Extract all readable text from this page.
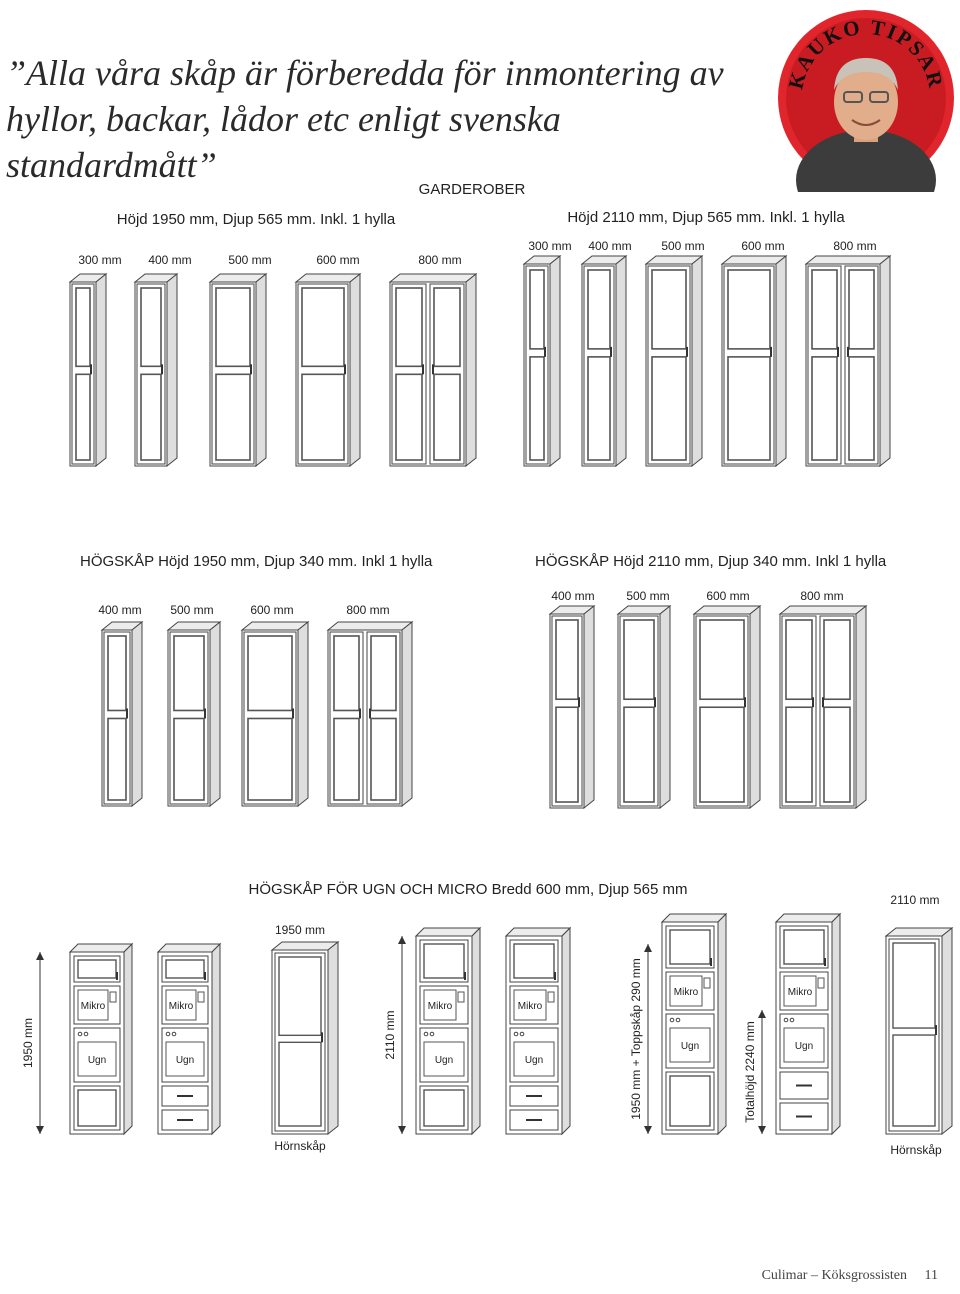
”Alla våra skåp är förberedda för inmontering av
hyllor, backar, lådor etc enligt svenska standardmått”
KAUKO TIPSAR
GARDEROBER
Höjd 1950 mm, Djup 565 mm. Inkl. 1 hylla	Höjd 2110 mm, Djup 565 mm. Inkl. 1 hylla
300 mm 400 mm	500 mm	600 mm	800 mm
300 mm 400 mm 500 mm	600 mm	800 mm
HÖGSKÅP Höjd 1950 mm, Djup 340 mm. Inkl 1 hylla	HÖGSKÅP Höjd 2110 mm, Djup 340 mm. Inkl 1 hylla
400 mm 500 mm	600 mm	800 mm
400 mm	500 mm	600 mm	800 mm
HÖGSKÅP FÖR UGN OCH MICRO Bredd 600 mm, Djup 565 mm
1950 mm
2110 mm
1950 mm	2110 mm	1950 mm + Toppskåp 290 mm	Totalhöjd 2240 mm
Mikro
Ugn
Mikro
Ugn
Mikro
Ugn
Mikro
Ugn
Mikro
Ugn
Mikro
Ugn
Hörnskåp	Hörnskåp
Culimar – Köksgrossisten 11
